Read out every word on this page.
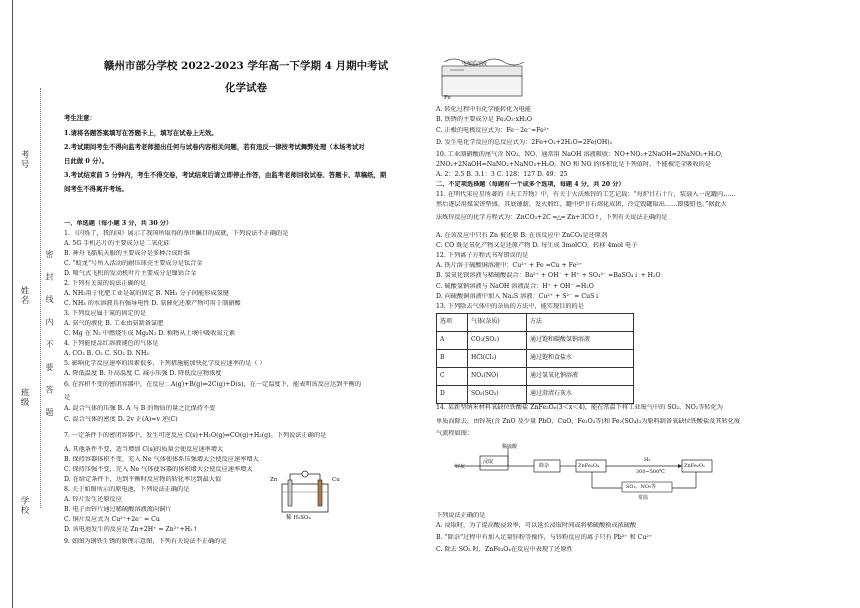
考号
姓名
班级
学校
密 封 线 内 不 要 答 题
赣州市部分学校 2022-2023 学年高一下学期 4 月期中考试
化学试卷
考生注意：
1.请将各题答案填写在答题卡上，填写在试卷上无效。
2.考试期间考生不得向监考老师提出任何与试卷内容相关问题，若有违反一律按考试舞弊处理（本场考试对
日此做 0 分）。
3.考试结束前 5 分钟内，考生不得交卷，考试结束后请立即停止作答，由监考老师回收试卷、答题卡、草稿纸，期
间考生不得离开考场。
一、单选题（每小题 3 分，共 30 分）
1. 《闪烁了，我的国》展示了我国所取得的举世瞩目的成就，下列说法不正确的是
A. 5G 手机芯片的主要成分是二氧化硅
B. 神舟飞船航天服的主要成分是多种合成纤维
C. “蛟龙”号所入活动的耐压球壳主要成分是钛合金
D. 喷气式飞机的发动机叶片主要成分是镍钴合金
2. 下列有关氮的说法正确的是
A. NH₃用于化肥工业是氮的固定 B. NH₃ 分子间能形成氢键
C. NH₃ 的水溶液具有强导电性 D. 氨催化还原产物可用于制硝酸
3. 下列反应属于氮的固定的是
A. 氨气的液化 B. 工业由氨制备氯肥
C. Mg 在 N₂ 中燃烧生成 Mg₃N₂ D. 植物从土壤中吸收氮元素
4. 下列能使品红溶液褪色的气体是
A. CO₂ B. O₂ C. SO₂ D. NH₃
5. 影响化学反应速率的因素很多，下列措施能加快化学反应速率的是（ ）
A. 降低温度 B. 升高温度 C. 减小压强 D. 降低反应物浓度
6. 在容积不变的密闭容器中，在反应：A(g)+B(g)⇌2C(g)+D(s)，在一定温度下，能表明该反应达到平衡的
是
A. 混合气体的压强 B. A 与 B 的物质的量之比保持不变
C. 混合气体的密度 D. 2v 正(A)=v 逆(C)
7. 一定条件下的密闭容器中，发生可逆反应 C(s)+H₂O(g)⇌CO(g)+H₂(g)。下列说法正确的是
A. 其他条件不变，适当增加 C(s)的质量会使反应速率增大
B. 保持容器体积不变，充入 Ne 气体使体系压强增大会使反应速率增大
C. 保持压强不变，充入 Ne 气体使容器的体积增大会使反应速率增大
D. 在给定条件下，达到平衡时反应物的转化率达到最大值
8. 关于如图所示的原电池，下列说法正确的是
A. 锌片发生还原反应
B. 电子由锌片通过稀硫酸溶液流向铜片
C. 铜片反应式为 Cu²⁺+2e⁻ = Cu
D. 该电池发生的反应是 Zn+2H⁺ = Zn²⁺+H₂↑
9. 如图为钢铁生锈的原理示意图，下列有关说法不正确的是
Zn	Cu
稀 H₂SO₄
电解质溶液
Fe
A. 转化过程中有化学能转化为电能
B. 铁锈的主要成分是 Fe₂O₃·xH₂O
C. 正极的电极反应式为：Fe－2e⁻=Fe²⁺
D. 发生电化学反应的总反应式为：2Fe+O₂+2H₂O=2Fe(OH)₂
10. 工业制硝酸的尾气含 NO₂、NO，通常用 NaOH 溶液吸收：NO+NO₂+2NaOH=2NaNO₂+H₂O,
2NO₂+2NaOH=NaNO₂+NaNO₃+H₂O。NO 和 NO 的体积比是下列值时，不能被完全吸收的是
A. 2：2.5 B. 3.1：3 C. 128：127 D. 49：25
二、不定项选择题（每题有一个或多个选项，每题 4 分，共 20 分）
11. 在明代宋应星所著的《天工开物》中，有关于火法炼锌的工艺记载：“每炉甘石十斤，装载入一泥罐内……
然后逐层用煤炭饼垫盛，其底铺薪，发火煅红，罐中炉甘石熔化成团，冷定毁罐取出……即倭铅也。”据此火
法炼锌反应的化学方程式为：ZnCO₃+2C ═△═ Zn+3CO↑，下列有关说法正确的是
A. 在该反应中只有 Zn 被还原 B. 在该反应中 ZnCO₃是还原剂
C. CO 既是氧化产物又是还原产物 D. 每生成 3molCO，转移 4mol 电子
12. 下列离子方程式书写错误的是
A. 铁片溶于硫酸铜溶液中：Cu²⁺ + Fe =Cu + Fe²⁺
B. 氢氧化钡溶液与稀硫酸混合：Ba²⁺ + OH⁻ + H⁺ + SO₄²⁻ =BaSO₄↓ + H₂O
C. 硫酸氢钠溶液与 NaOH 溶液混合：H⁺ + OH⁻ =H₂O
D. 向硫酸铜溶液中加入 Na₂S 溶液：Cu²⁺ + S²⁻ = CuS↓
13. 下列除去气体中的杂质的方法中，能实现目的的是
选项	气体(杂质)	方法
A	CO₂(SO₂)	通过饱和碳酸氢钠溶液
B	HCl(Cl₂)	通过饱和食盐水
C	NO₂(NO)	通过氢氧化钠溶液
D	SO₂(SO₃)	通过澄清石灰水
14. 某新型纳米材料氧缺位铁酸盐 ZnFe₂Oₓ(3＜x＜4)，能在常温下将工业废气中的 SO₂、NO₂等转化为
单质而除去，由锌灰(含 ZnO 及少量 PbO、CuO、Fe₂O₃等)和 Fe₂(SO₄)₃为原料制备氧缺位铁酸盐及其转化废
气流程如图：
稀硫酸
锌灰
浸取
除杂	ZnFe₂O₄	ZnFe₂Oₓ
H₂
300~500℃
SO₂、NO₂等
常温
下列说法正确的是
A. 浸取时，为了提高酸浸效率，可以延长浸取时间或将稀硫酸换成浓硫酸
B. “除杂”过程中有加入足量锌粉等操作，与锌粉反应的离子只有 Pb²⁺ 和 Cu²⁺
C. 除去 SO₂ 时，ZnFe₂Oₓ在反应中表现了还原性
